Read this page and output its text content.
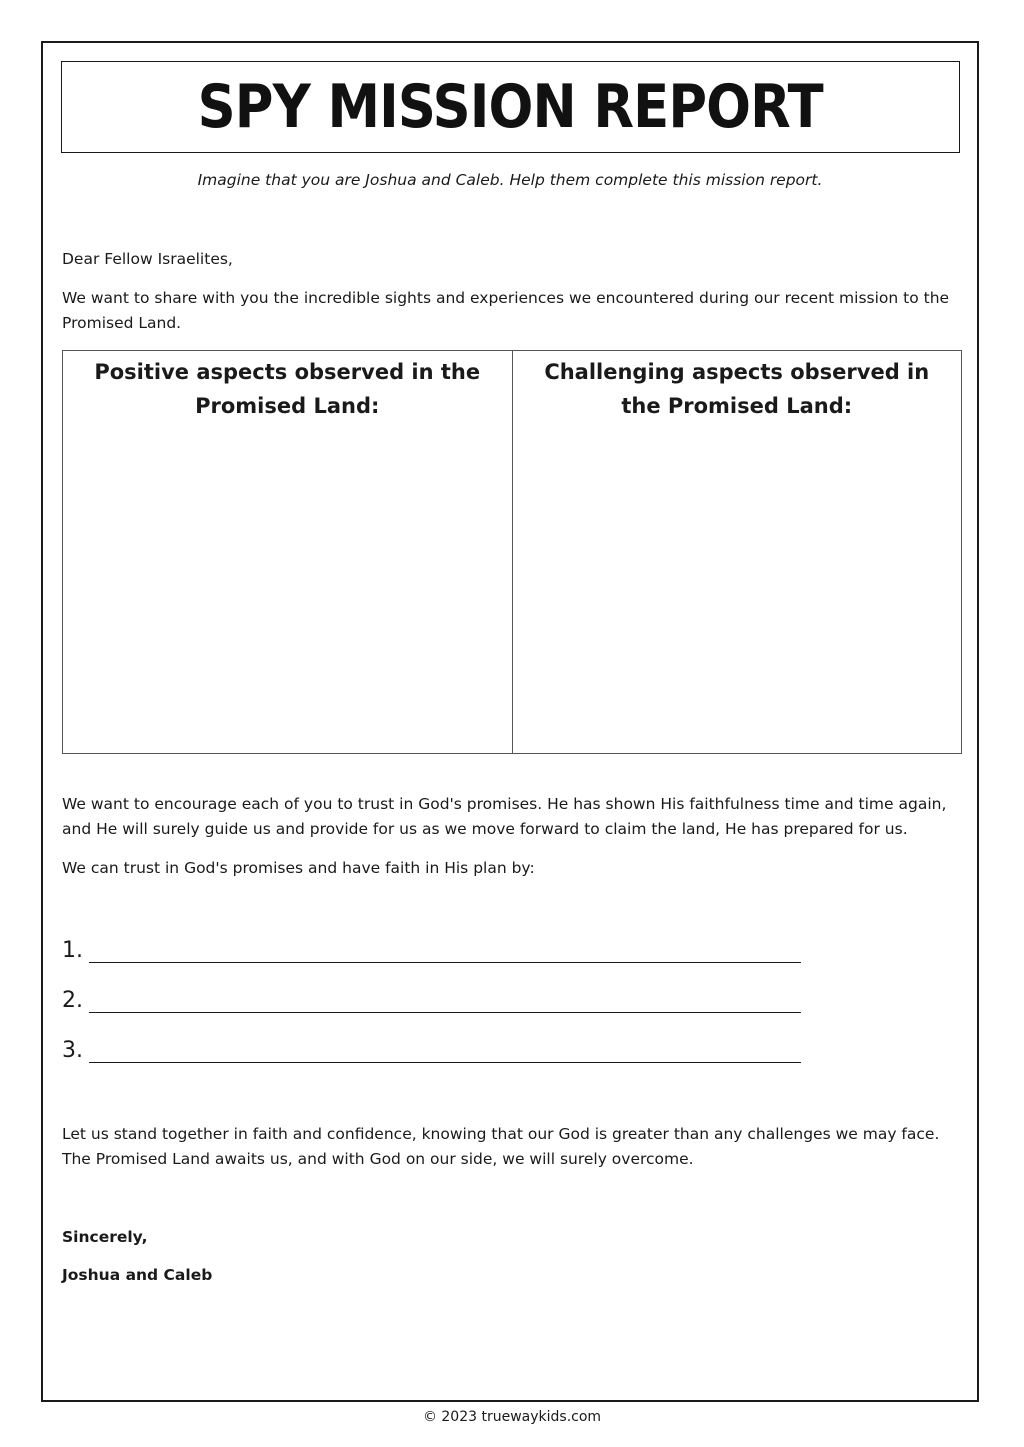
SPY MISSION REPORT
Imagine that you are Joshua and Caleb. Help them complete this mission report.
Dear Fellow Israelites,
We want to share with you the incredible sights and experiences we encountered during our recent mission to the Promised Land.
Positive aspects observed in the Promised Land:
Challenging aspects observed in the Promised Land:
We want to encourage each of you to trust in God's promises. He has shown His faithfulness time and time again, and He will surely guide us and provide for us as we move forward to claim the land, He has prepared for us.
We can trust in God's promises and have faith in His plan by:
1.
2.
3.
Let us stand together in faith and confidence, knowing that our God is greater than any challenges we may face. The Promised Land awaits us, and with God on our side, we will surely overcome.
Sincerely,
Joshua and Caleb
© 2023 truewaykids.com
